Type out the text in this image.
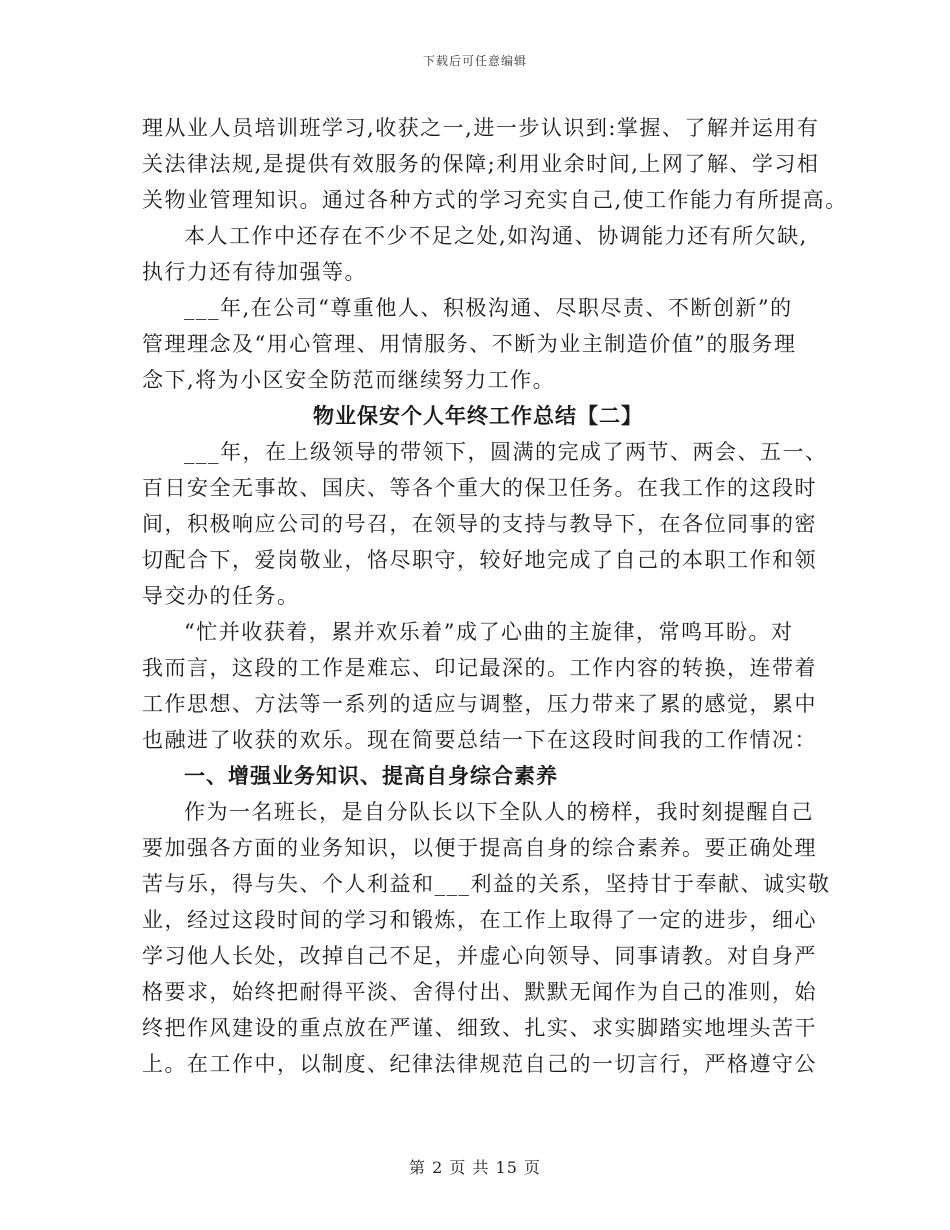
下载后可任意编辑
理从业人员培训班学习,收获之一,进一步认识到:掌握、了解并运用有
关法律法规,是提供有效服务的保障;利用业余时间,上网了解、学习相
关物业管理知识。通过各种方式的学习充实自己,使工作能力有所提高。
本人工作中还存在不少不足之处,如沟通、协调能力还有所欠缺,
执行力还有待加强等。
___年,在公司“尊重他人、积极沟通、尽职尽责、不断创新”的
管理理念及“用心管理、用情服务、不断为业主制造价值”的服务理
念下,将为小区安全防范而继续努力工作。
物业保安个人年终工作总结【二】
___年，在上级领导的带领下，圆满的完成了两节、两会、五一、
百日安全无事故、国庆、等各个重大的保卫任务。在我工作的这段时
间，积极响应公司的号召，在领导的支持与教导下，在各位同事的密
切配合下，爱岗敬业，恪尽职守，较好地完成了自己的本职工作和领
导交办的任务。
“忙并收获着，累并欢乐着”成了心曲的主旋律，常鸣耳盼。对
我而言，这段的工作是难忘、印记最深的。工作内容的转换，连带着
工作思想、方法等一系列的适应与调整，压力带来了累的感觉，累中
也融进了收获的欢乐。现在简要总结一下在这段时间我的工作情况：
一、增强业务知识、提高自身综合素养
作为一名班长，是自分队长以下全队人的榜样，我时刻提醒自己
要加强各方面的业务知识，以便于提高自身的综合素养。要正确处理
苦与乐，得与失、个人利益和___利益的关系，坚持甘于奉献、诚实敬
业，经过这段时间的学习和锻炼，在工作上取得了一定的进步，细心
学习他人长处，改掉自己不足，并虚心向领导、同事请教。对自身严
格要求，始终把耐得平淡、舍得付出、默默无闻作为自己的准则，始
终把作风建设的重点放在严谨、细致、扎实、求实脚踏实地埋头苦干
上。在工作中，以制度、纪律法律规范自己的一切言行，严格遵守公
第 2 页 共 15 页
